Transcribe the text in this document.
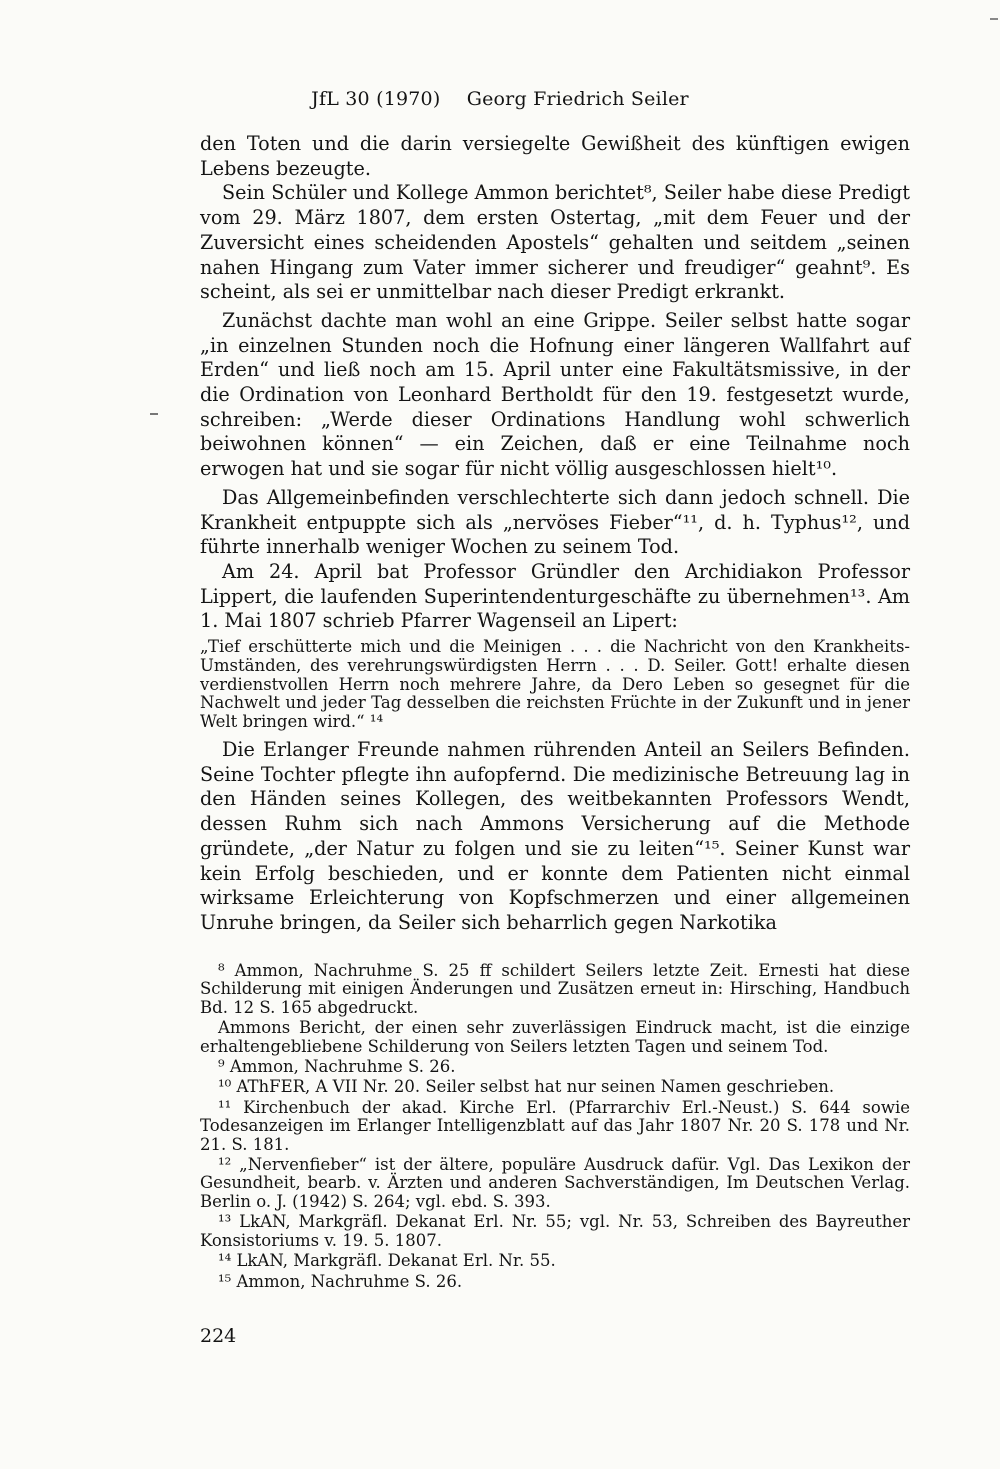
JfL 30 (1970) Georg Friedrich Seiler

den Toten und die darin versiegelte Gewißheit des künftigen ewigen Lebens bezeugte.

Sein Schüler und Kollege Ammon berichtet⁸, Seiler habe diese Predigt vom 29. März 1807, dem ersten Ostertag, „mit dem Feuer und der Zuversicht eines scheidenden Apostels“ gehalten und seitdem „seinen nahen Hingang zum Vater immer sicherer und freudiger“ geahnt⁹. Es scheint, als sei er unmittelbar nach dieser Predigt erkrankt.

Zunächst dachte man wohl an eine Grippe. Seiler selbst hatte sogar „in einzelnen Stunden noch die Hofnung einer längeren Wallfahrt auf Erden“ und ließ noch am 15. April unter eine Fakultätsmissive, in der die Ordination von Leonhard Bertholdt für den 19. festgesetzt wurde, schreiben: „Werde dieser Ordinations Handlung wohl schwerlich beiwohnen können“ — ein Zeichen, daß er eine Teilnahme noch erwogen hat und sie sogar für nicht völlig ausgeschlossen hielt¹⁰.

Das Allgemeinbefinden verschlechterte sich dann jedoch schnell. Die Krankheit entpuppte sich als „nervöses Fieber“¹¹, d. h. Typhus¹², und führte innerhalb weniger Wochen zu seinem Tod.

Am 24. April bat Professor Gründler den Archidiakon Professor Lippert, die laufenden Superintendenturgeschäfte zu übernehmen¹³. Am 1. Mai 1807 schrieb Pfarrer Wagenseil an Lipert:

„Tief erschütterte mich und die Meinigen . . . die Nachricht von den Krankheits-Umständen, des verehrungswürdigsten Herrn . . . D. Seiler. Gott! erhalte diesen verdienstvollen Herrn noch mehrere Jahre, da Dero Leben so gesegnet für die Nachwelt und jeder Tag desselben die reichsten Früchte in der Zukunft und in jener Welt bringen wird.“ ¹⁴

Die Erlanger Freunde nahmen rührenden Anteil an Seilers Befinden. Seine Tochter pflegte ihn aufopfernd. Die medizinische Betreuung lag in den Händen seines Kollegen, des weitbekannten Professors Wendt, dessen Ruhm sich nach Ammons Versicherung auf die Methode gründete, „der Natur zu folgen und sie zu leiten“¹⁵. Seiner Kunst war kein Erfolg beschieden, und er konnte dem Patienten nicht einmal wirksame Erleichterung von Kopfschmerzen und einer allgemeinen Unruhe bringen, da Seiler sich beharrlich gegen Narkotika

⁸ Ammon, Nachruhme S. 25 ff schildert Seilers letzte Zeit. Ernesti hat diese Schilderung mit einigen Änderungen und Zusätzen erneut in: Hirsching, Handbuch Bd. 12 S. 165 abgedruckt.

Ammons Bericht, der einen sehr zuverlässigen Eindruck macht, ist die einzige erhaltengebliebene Schilderung von Seilers letzten Tagen und seinem Tod.

⁹ Ammon, Nachruhme S. 26.

¹⁰ AThFER, A VII Nr. 20. Seiler selbst hat nur seinen Namen geschrieben.

¹¹ Kirchenbuch der akad. Kirche Erl. (Pfarrarchiv Erl.-Neust.) S. 644 sowie Todesanzeigen im Erlanger Intelligenzblatt auf das Jahr 1807 Nr. 20 S. 178 und Nr. 21. S. 181.

¹² „Nervenfieber“ ist der ältere, populäre Ausdruck dafür. Vgl. Das Lexikon der Gesundheit, bearb. v. Ärzten und anderen Sachverständigen, Im Deutschen Verlag. Berlin o. J. (1942) S. 264; vgl. ebd. S. 393.

¹³ LkAN, Markgräfl. Dekanat Erl. Nr. 55; vgl. Nr. 53, Schreiben des Bayreuther Konsistoriums v. 19. 5. 1807.

¹⁴ LkAN, Markgräfl. Dekanat Erl. Nr. 55.

¹⁵ Ammon, Nachruhme S. 26.

224
